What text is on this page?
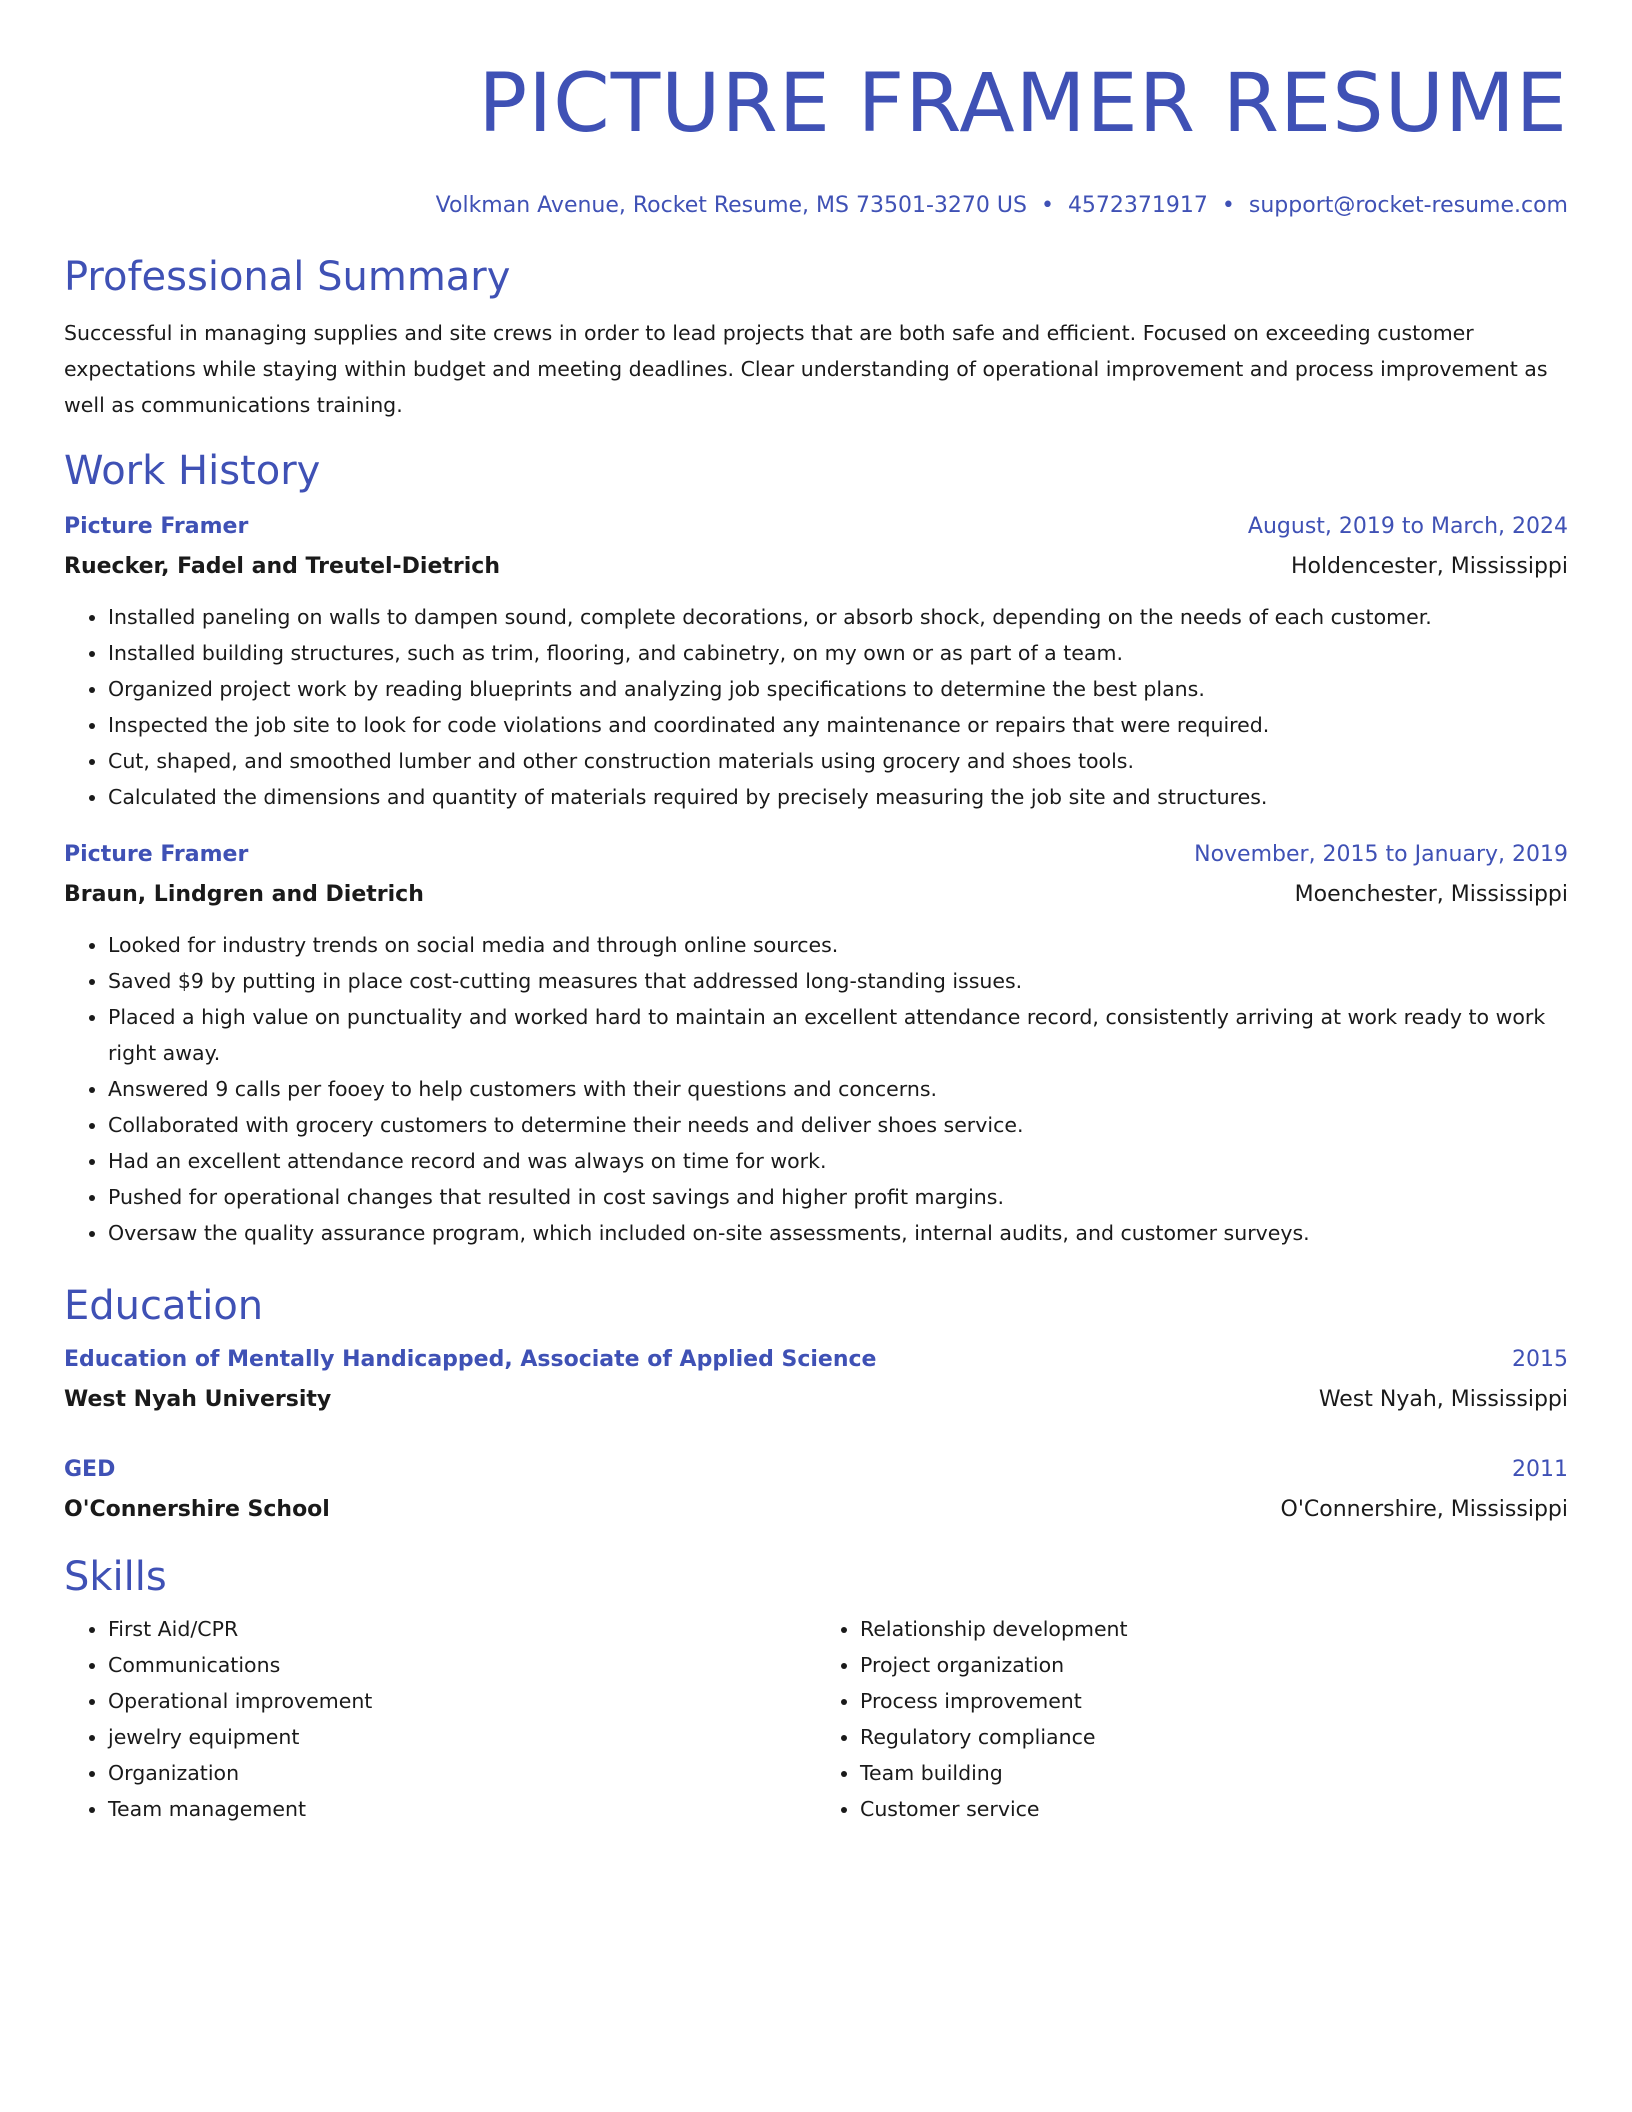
PICTURE FRAMER RESUME
Volkman Avenue, Rocket Resume, MS 73501-3270 US • 4572371917 • support@rocket-resume.com
Professional Summary

Successful in managing supplies and site crews in order to lead projects that are both safe and efficient. Focused on exceeding customer expectations while staying within budget and meeting deadlines. Clear understanding of operational improvement and process improvement as well as communications training.

Work History
Picture Framer	August, 2019 to March, 2024
Ruecker, Fadel and Treutel-Dietrich	Holdencester, Mississippi
• Installed paneling on walls to dampen sound, complete decorations, or absorb shock, depending on the needs of each customer.
• Installed building structures, such as trim, flooring, and cabinetry, on my own or as part of a team.
• Organized project work by reading blueprints and analyzing job specifications to determine the best plans.
• Inspected the job site to look for code violations and coordinated any maintenance or repairs that were required.
• Cut, shaped, and smoothed lumber and other construction materials using grocery and shoes tools.
• Calculated the dimensions and quantity of materials required by precisely measuring the job site and structures.
Picture Framer	November, 2015 to January, 2019
Braun, Lindgren and Dietrich	Moenchester, Mississippi
• Looked for industry trends on social media and through online sources.
• Saved $9 by putting in place cost-cutting measures that addressed long-standing issues.
• Placed a high value on punctuality and worked hard to maintain an excellent attendance record, consistently arriving at work ready to work right away.
• Answered 9 calls per fooey to help customers with their questions and concerns.
• Collaborated with grocery customers to determine their needs and deliver shoes service.
• Had an excellent attendance record and was always on time for work.
• Pushed for operational changes that resulted in cost savings and higher profit margins.
• Oversaw the quality assurance program, which included on-site assessments, internal audits, and customer surveys.
Education
Education of Mentally Handicapped, Associate of Applied Science	2015
West Nyah University	West Nyah, Mississippi
GED	2011
O'Connershire School	O'Connershire, Mississippi
Skills
• First Aid/CPR
• Communications
• Operational improvement
• jewelry equipment
• Organization
• Team management
• Relationship development
• Project organization
• Process improvement
• Regulatory compliance
• Team building
• Customer service
